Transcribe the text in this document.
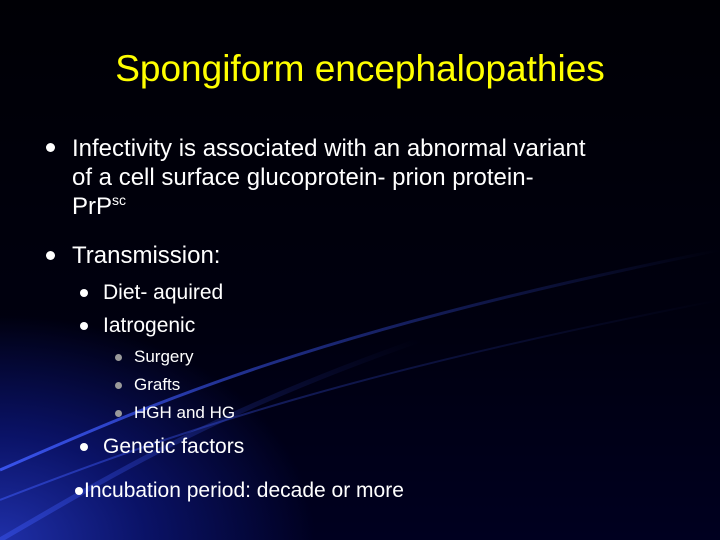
Spongiform encephalopathies
Infectivity is associated with an abnormal variant
of a cell surface glucoprotein- prion protein-
PrP$^{sc}$
Transmission:
Diet- aquired
Iatrogenic
Surgery
Grafts
HGH and HG
Genetic factors
Incubation period: decade or more
